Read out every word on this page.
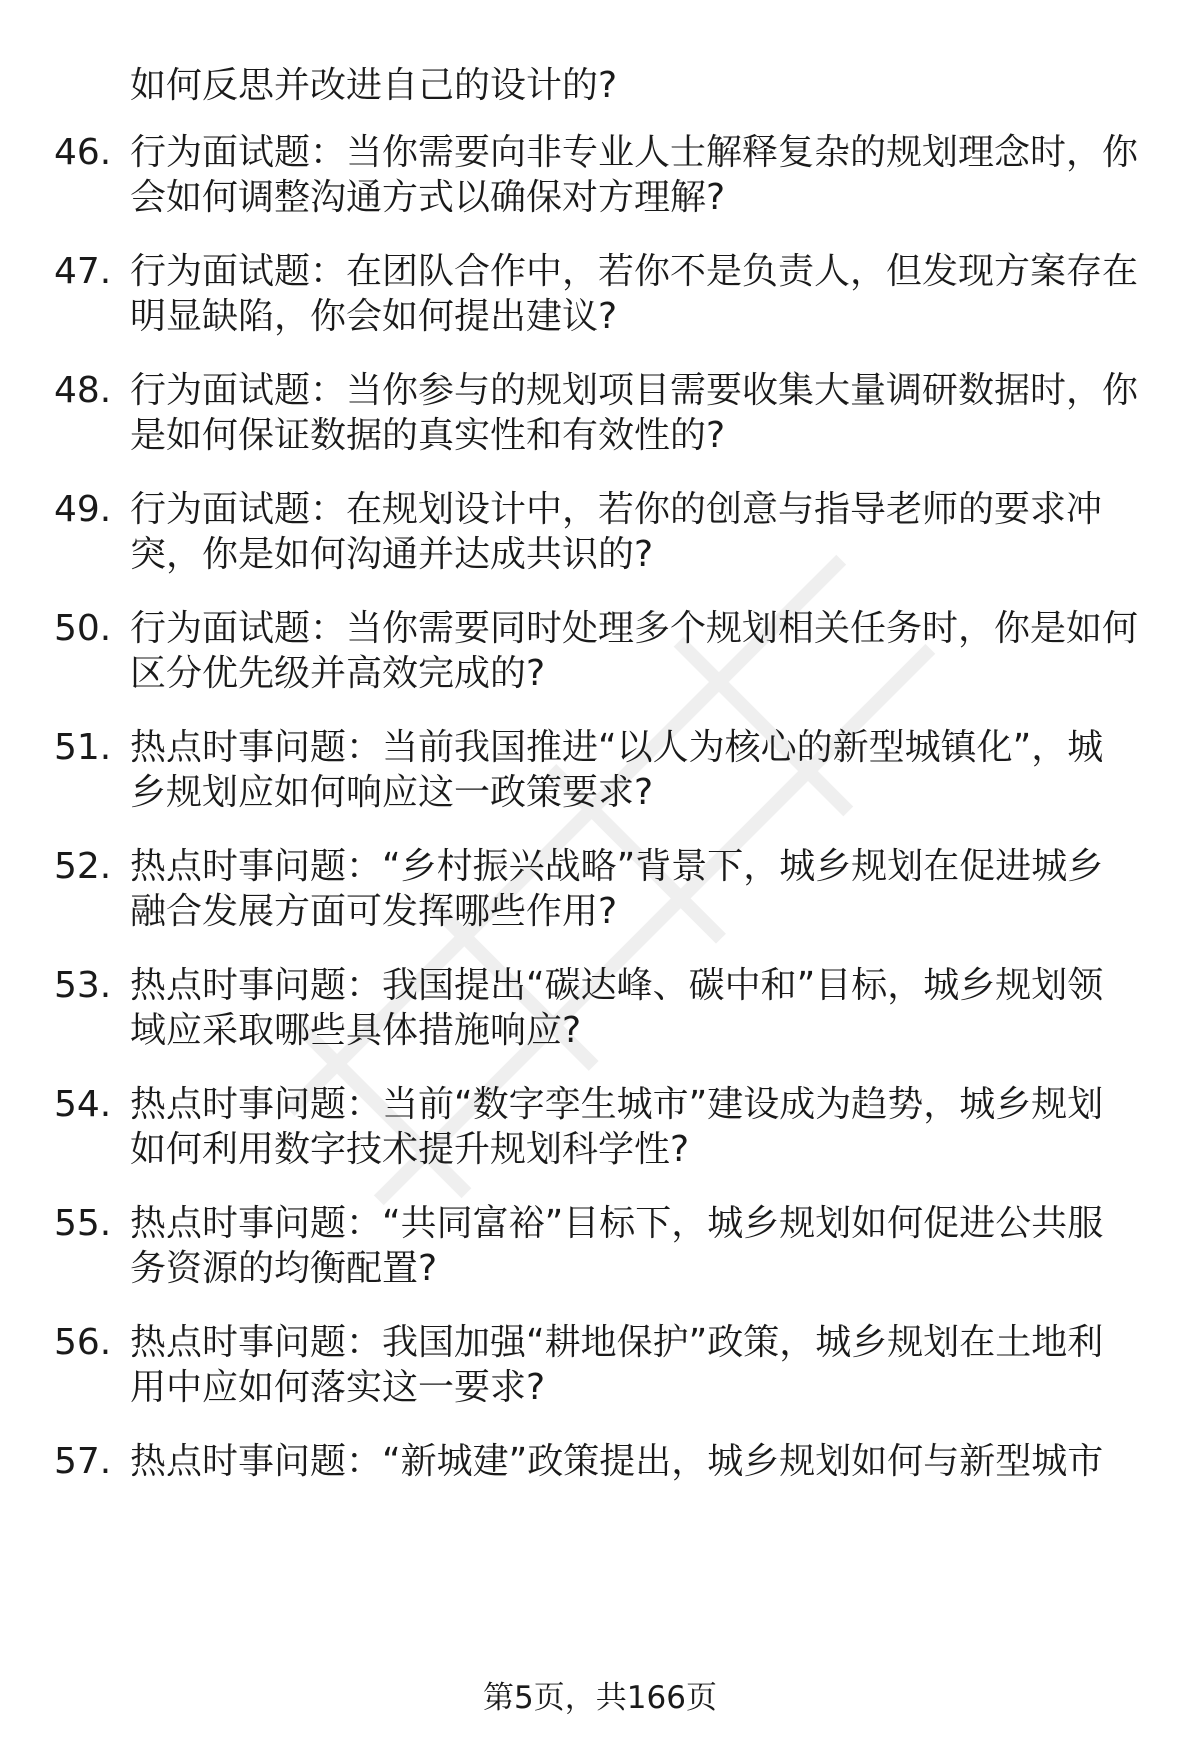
如何反思并改进自己的设计的?
46. 行为面试题：当你需要向非专业人士解释复杂的规划理念时，你
会如何调整沟通方式以确保对方理解?
47. 行为面试题：在团队合作中，若你不是负责人，但发现方案存在
明显缺陷，你会如何提出建议?
48. 行为面试题：当你参与的规划项目需要收集大量调研数据时，你
是如何保证数据的真实性和有效性的?
49. 行为面试题：在规划设计中，若你的创意与指导老师的要求冲
突，你是如何沟通并达成共识的?
50. 行为面试题：当你需要同时处理多个规划相关任务时，你是如何
区分优先级并高效完成的?
51. 热点时事问题：当前我国推进“以人为核心的新型城镇化”，城
乡规划应如何响应这一政策要求?
52. 热点时事问题：“乡村振兴战略”背景下，城乡规划在促进城乡
融合发展方面可发挥哪些作用?
53. 热点时事问题：我国提出“碳达峰、碳中和”目标，城乡规划领
域应采取哪些具体措施响应?
54. 热点时事问题：当前“数字孪生城市”建设成为趋势，城乡规划
如何利用数字技术提升规划科学性?
55. 热点时事问题：“共同富裕”目标下，城乡规划如何促进公共服
务资源的均衡配置?
56. 热点时事问题：我国加强“耕地保护”政策，城乡规划在土地利
用中应如何落实这一要求?
57. 热点时事问题：“新城建”政策提出，城乡规划如何与新型城市
第5页，共166页
